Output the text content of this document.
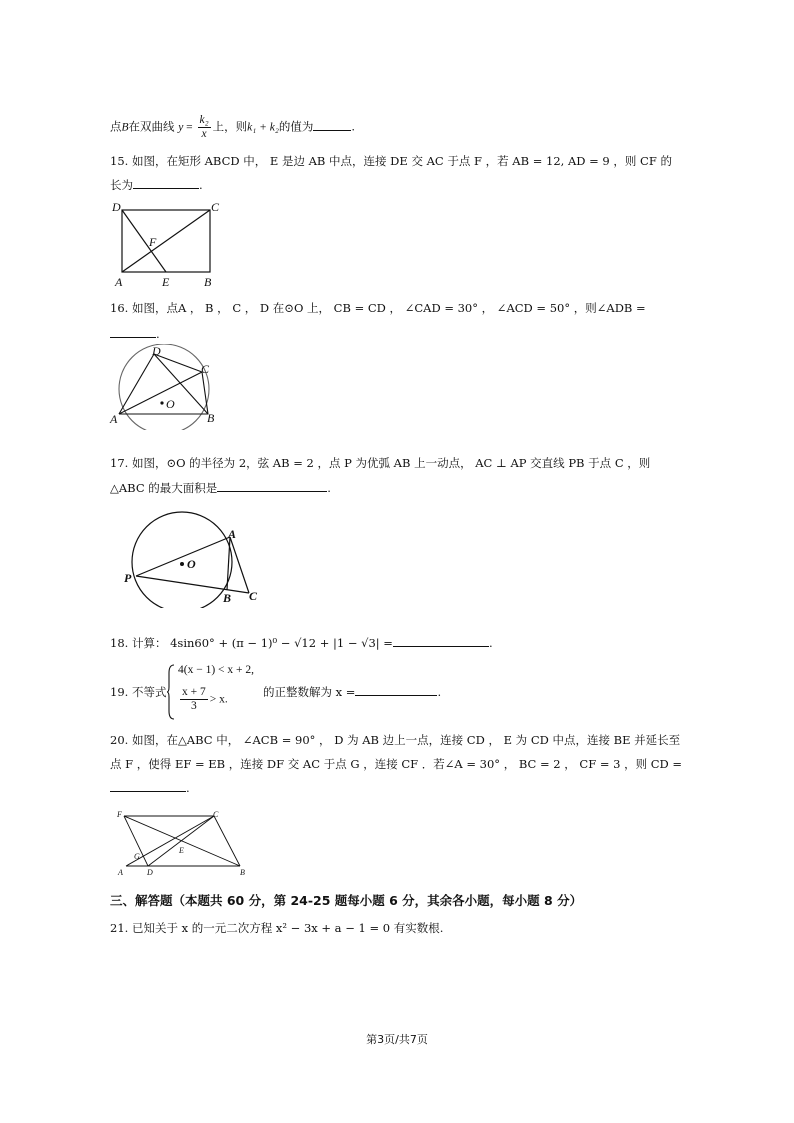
点B在双曲线 $y = \frac{\text{k₂}}{x}$ 上，则k₁ + k₂的值为	.
15. 如图，在矩形 ABCD 中， E 是边 AB 中点，连接 DE 交 AC 于点 F ，若 AB = 12, AD = 9 ，则 CF 的
长为	.
D	C
A	E	B
F
16. 如图，点A ， B ， C ， D 在⊙O 上， CB = CD ， ∠CAD = 30° ， ∠ACD = 50° ，则∠ADB =
.
D
C
A	B
O
17. 如图，⊙O 的半径为 2，弦 AB = 2 ，点 P 为优弧 AB 上一动点， AC ⊥ AP 交直线 PB 于点 C ，则
△ABC 的最大面积是	.
A
O
P
B C
18. 计算： 4sin60° + (π − 1)⁰ − √12 + |1 − √3| =	.
19. 不等式
4(x − 1) < x + 2,
$\frac{x + 7}{3} > x$.
的正整数解为 x =	.
20. 如图，在△ABC 中， ∠ACB = 90° ， D 为 AB 边上一点，连接 CD ， E 为 CD 中点，连接 BE 并延长至
点 F ，使得 EF = EB ，连接 DF 交 AC 于点 G ，连接 CF ．若∠A = 30° ， BC = 2 ， CF = 3 ，则 CD =
.
F	C
G
E
A	D	B
三、解答题（本题共 60 分，第 24-25 题每小题 6 分，其余各小题，每小题 8 分）
21. 已知关于 x 的一元二次方程 x² − 3x + a − 1 = 0 有实数根.
第3页/共7页
